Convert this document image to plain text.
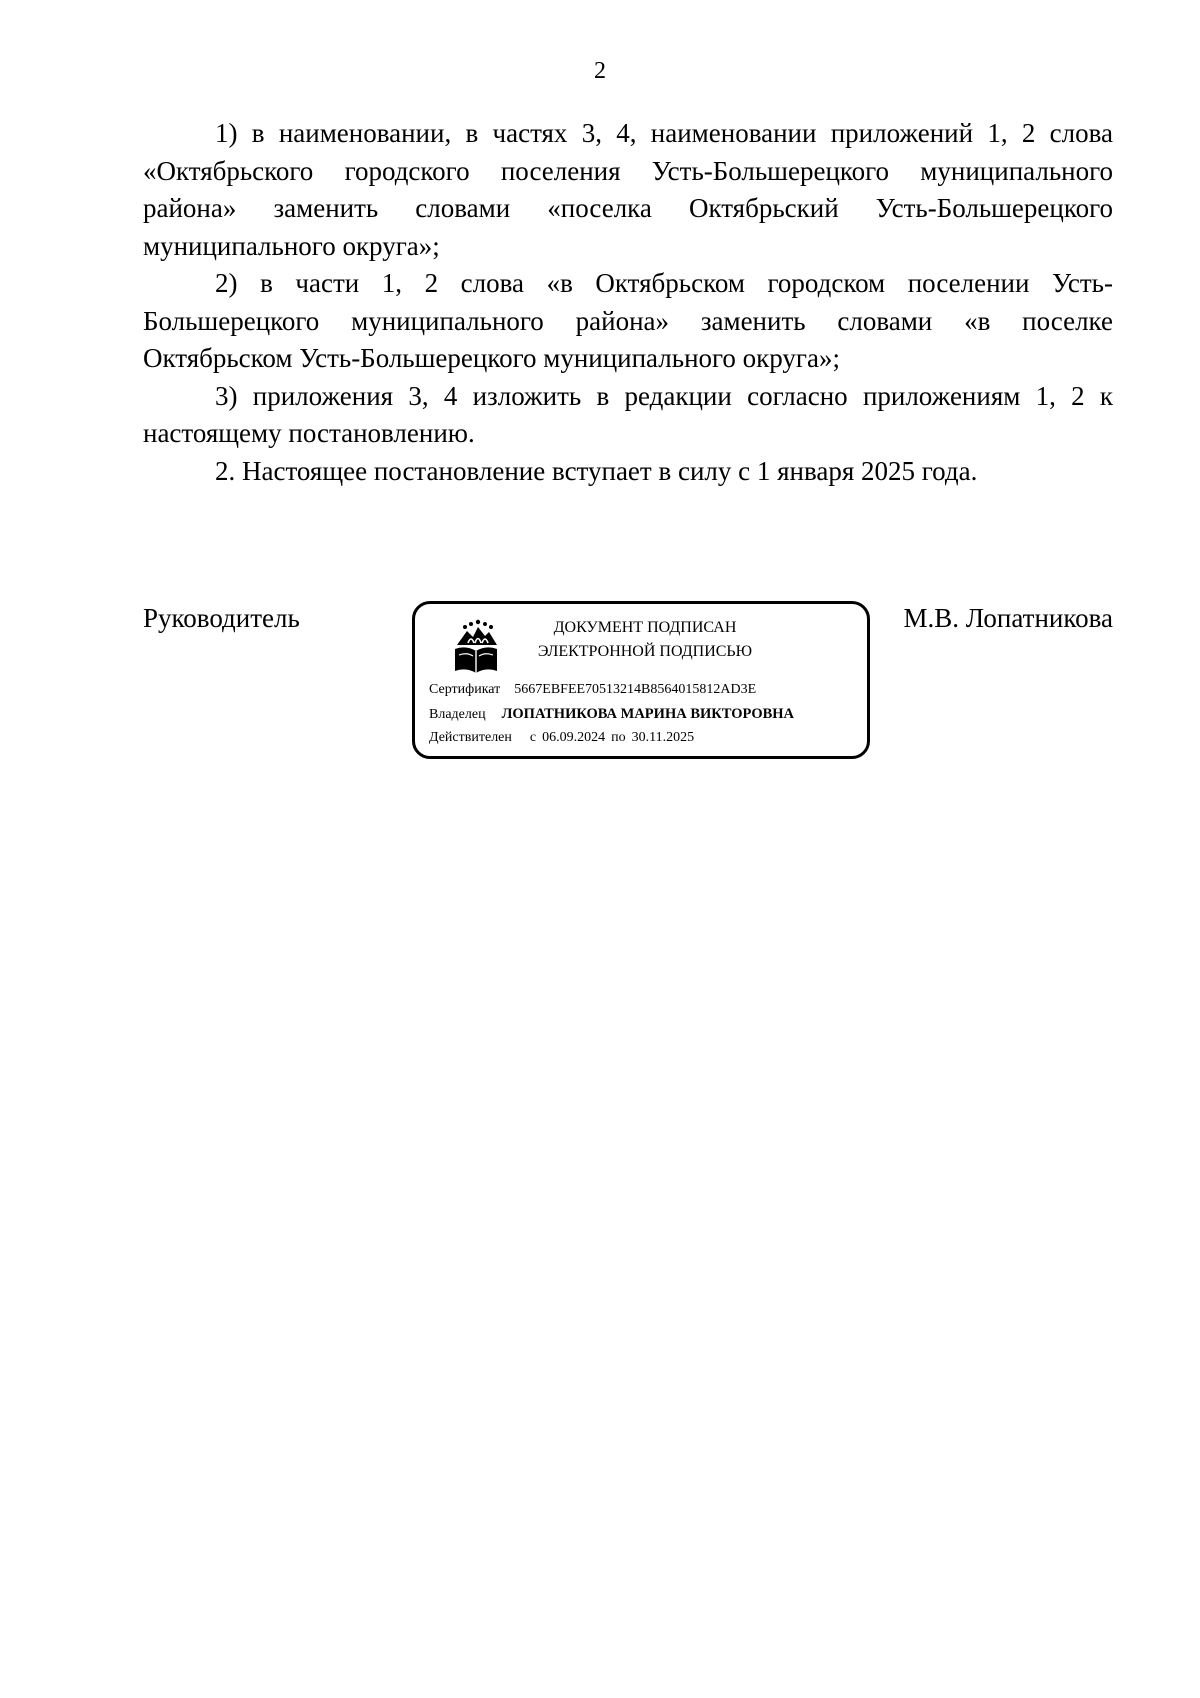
2

1) в наименовании, в частях 3, 4, наименовании приложений 1, 2 слова «Октябрьского городского поселения Усть-Большерецкого муниципального района» заменить словами «поселка Октябрьский Усть-Большерецкого муниципального округа»;

2) в части 1, 2 слова «в Октябрьском городском поселении Усть-Большерецкого муниципального района» заменить словами «в поселке Октябрьском Усть-Большерецкого муниципального округа»;

3) приложения 3, 4 изложить в редакции согласно приложениям 1, 2 к настоящему постановлению.

2. Настоящее постановление вступает в силу с 1 января 2025 года.

Руководитель	М.В. Лопатникова
ДОКУМЕНТ ПОДПИСАН
ЭЛЕКТРОННОЙ ПОДПИСЬЮ
Сертификат 5667EBFEE70513214B8564015812AD3E
Владелец ЛОПАТНИКОВА МАРИНА ВИКТОРОВНА
Действителен с 06.09.2024 по 30.11.2025
